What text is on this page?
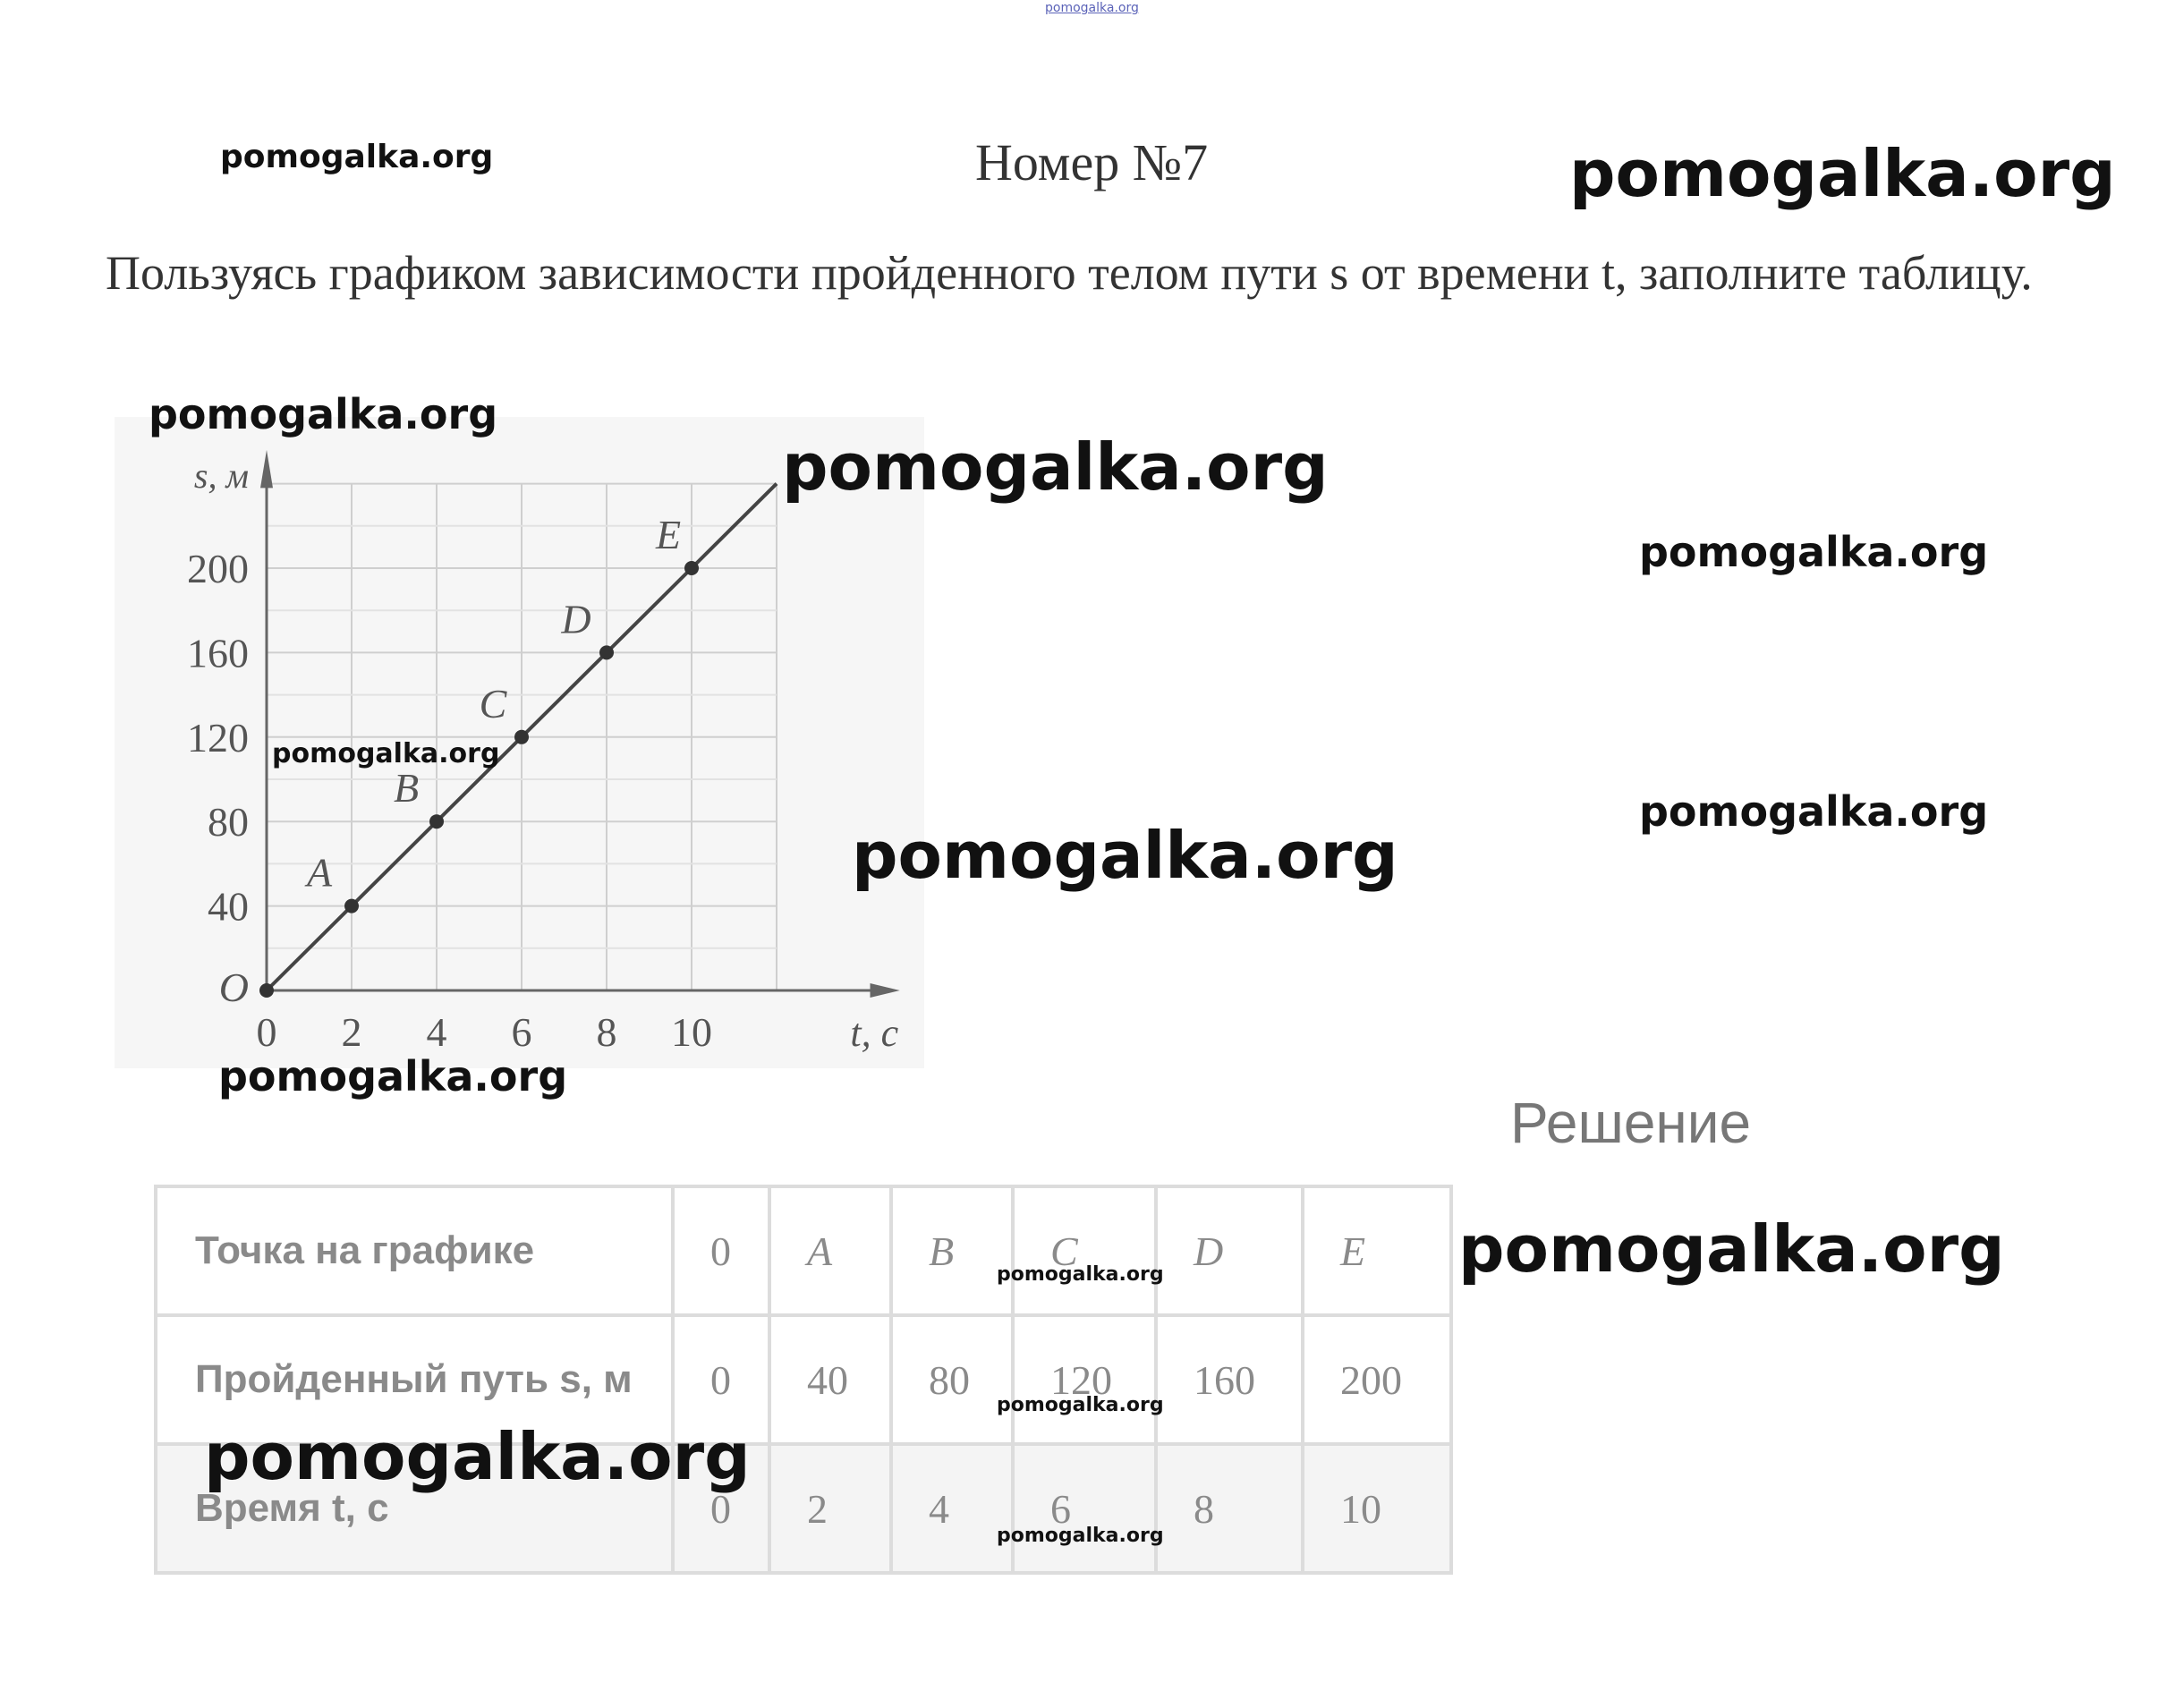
pomogalka.org
pomogalka.org	pomogalka.org
Номер №7
Пользуясь графиком зависимости пройденного телом пути s от времени t, заполните таблицу.
40
80
120
160
200
0 2 4 6 8 10
O
s, м
t, с
A
B
C
D
E
pomogalka.org
pomogalka.org
pomogalka.org
pomogalka.org
pomogalka.org
pomogalka.org
pomogalka.org
Решение
Точка на графике	0	A	B	C	D	E
Пройденный путь s, м	0	40	80	120	160	200
Время t, с	0	2	4	6	8	10
pomogalka.org
pomogalka.org
pomogalka.org
pomogalka.org
pomogalka.org
